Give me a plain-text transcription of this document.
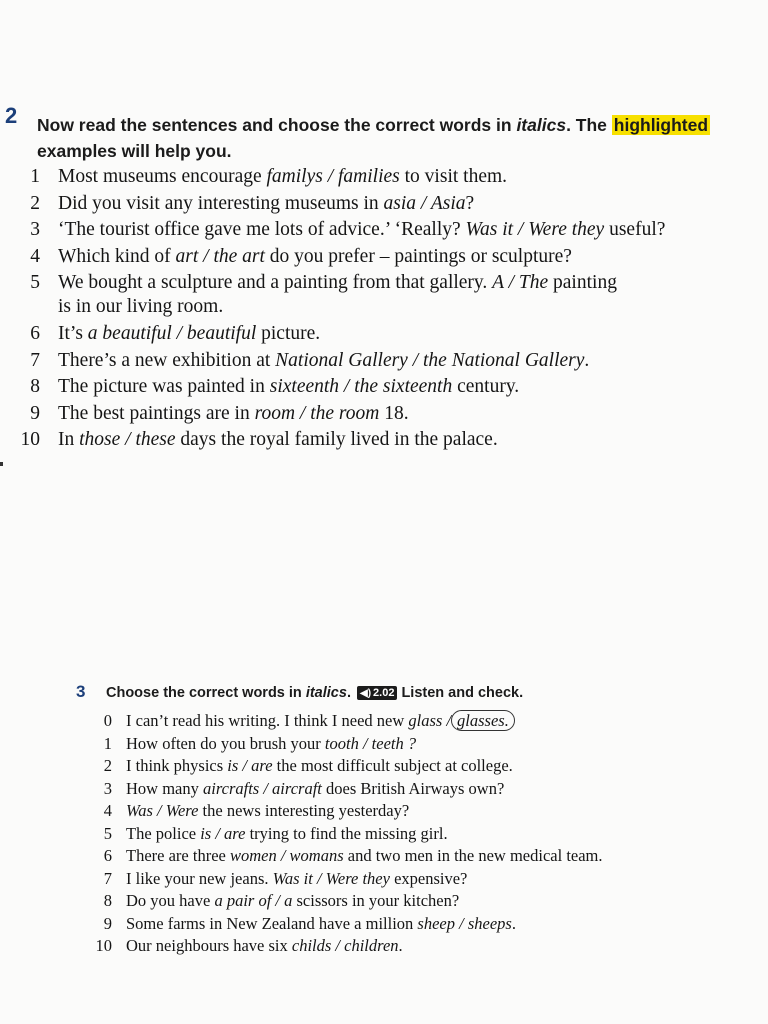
2 Now read the sentences and choose the correct words in italics. The highlighted
examples will help you.
1 Most museums encourage familys / families to visit them.
2 Did you visit any interesting museums in asia / Asia?
3 ‘The tourist office gave me lots of advice.’ ‘Really? Was it / Were they useful?
4 Which kind of art / the art do you prefer – paintings or sculpture?
5 We bought a sculpture and a painting from that gallery. A / The painting
is in our living room.
6 It’s a beautiful / beautiful picture.
7 There’s a new exhibition at National Gallery / the National Gallery.
8 The picture was painted in sixteenth / the sixteenth century.
9 The best paintings are in room / the room 18.
10 In those / these days the royal family lived in the palace.
3 Choose the correct words in italics. ◀) 2.02 Listen and check.
0 I can’t read his writing. I think I need new glass / glasses.
1 How often do you brush your tooth / teeth ?
2 I think physics is / are the most difficult subject at college.
3 How many aircrafts / aircraft does British Airways own?
4 Was / Were the news interesting yesterday?
5 The police is / are trying to find the missing girl.
6 There are three women / womans and two men in the new medical team.
7 I like your new jeans. Was it / Were they expensive?
8 Do you have a pair of / a scissors in your kitchen?
9 Some farms in New Zealand have a million sheep / sheeps.
10 Our neighbours have six childs / children.
